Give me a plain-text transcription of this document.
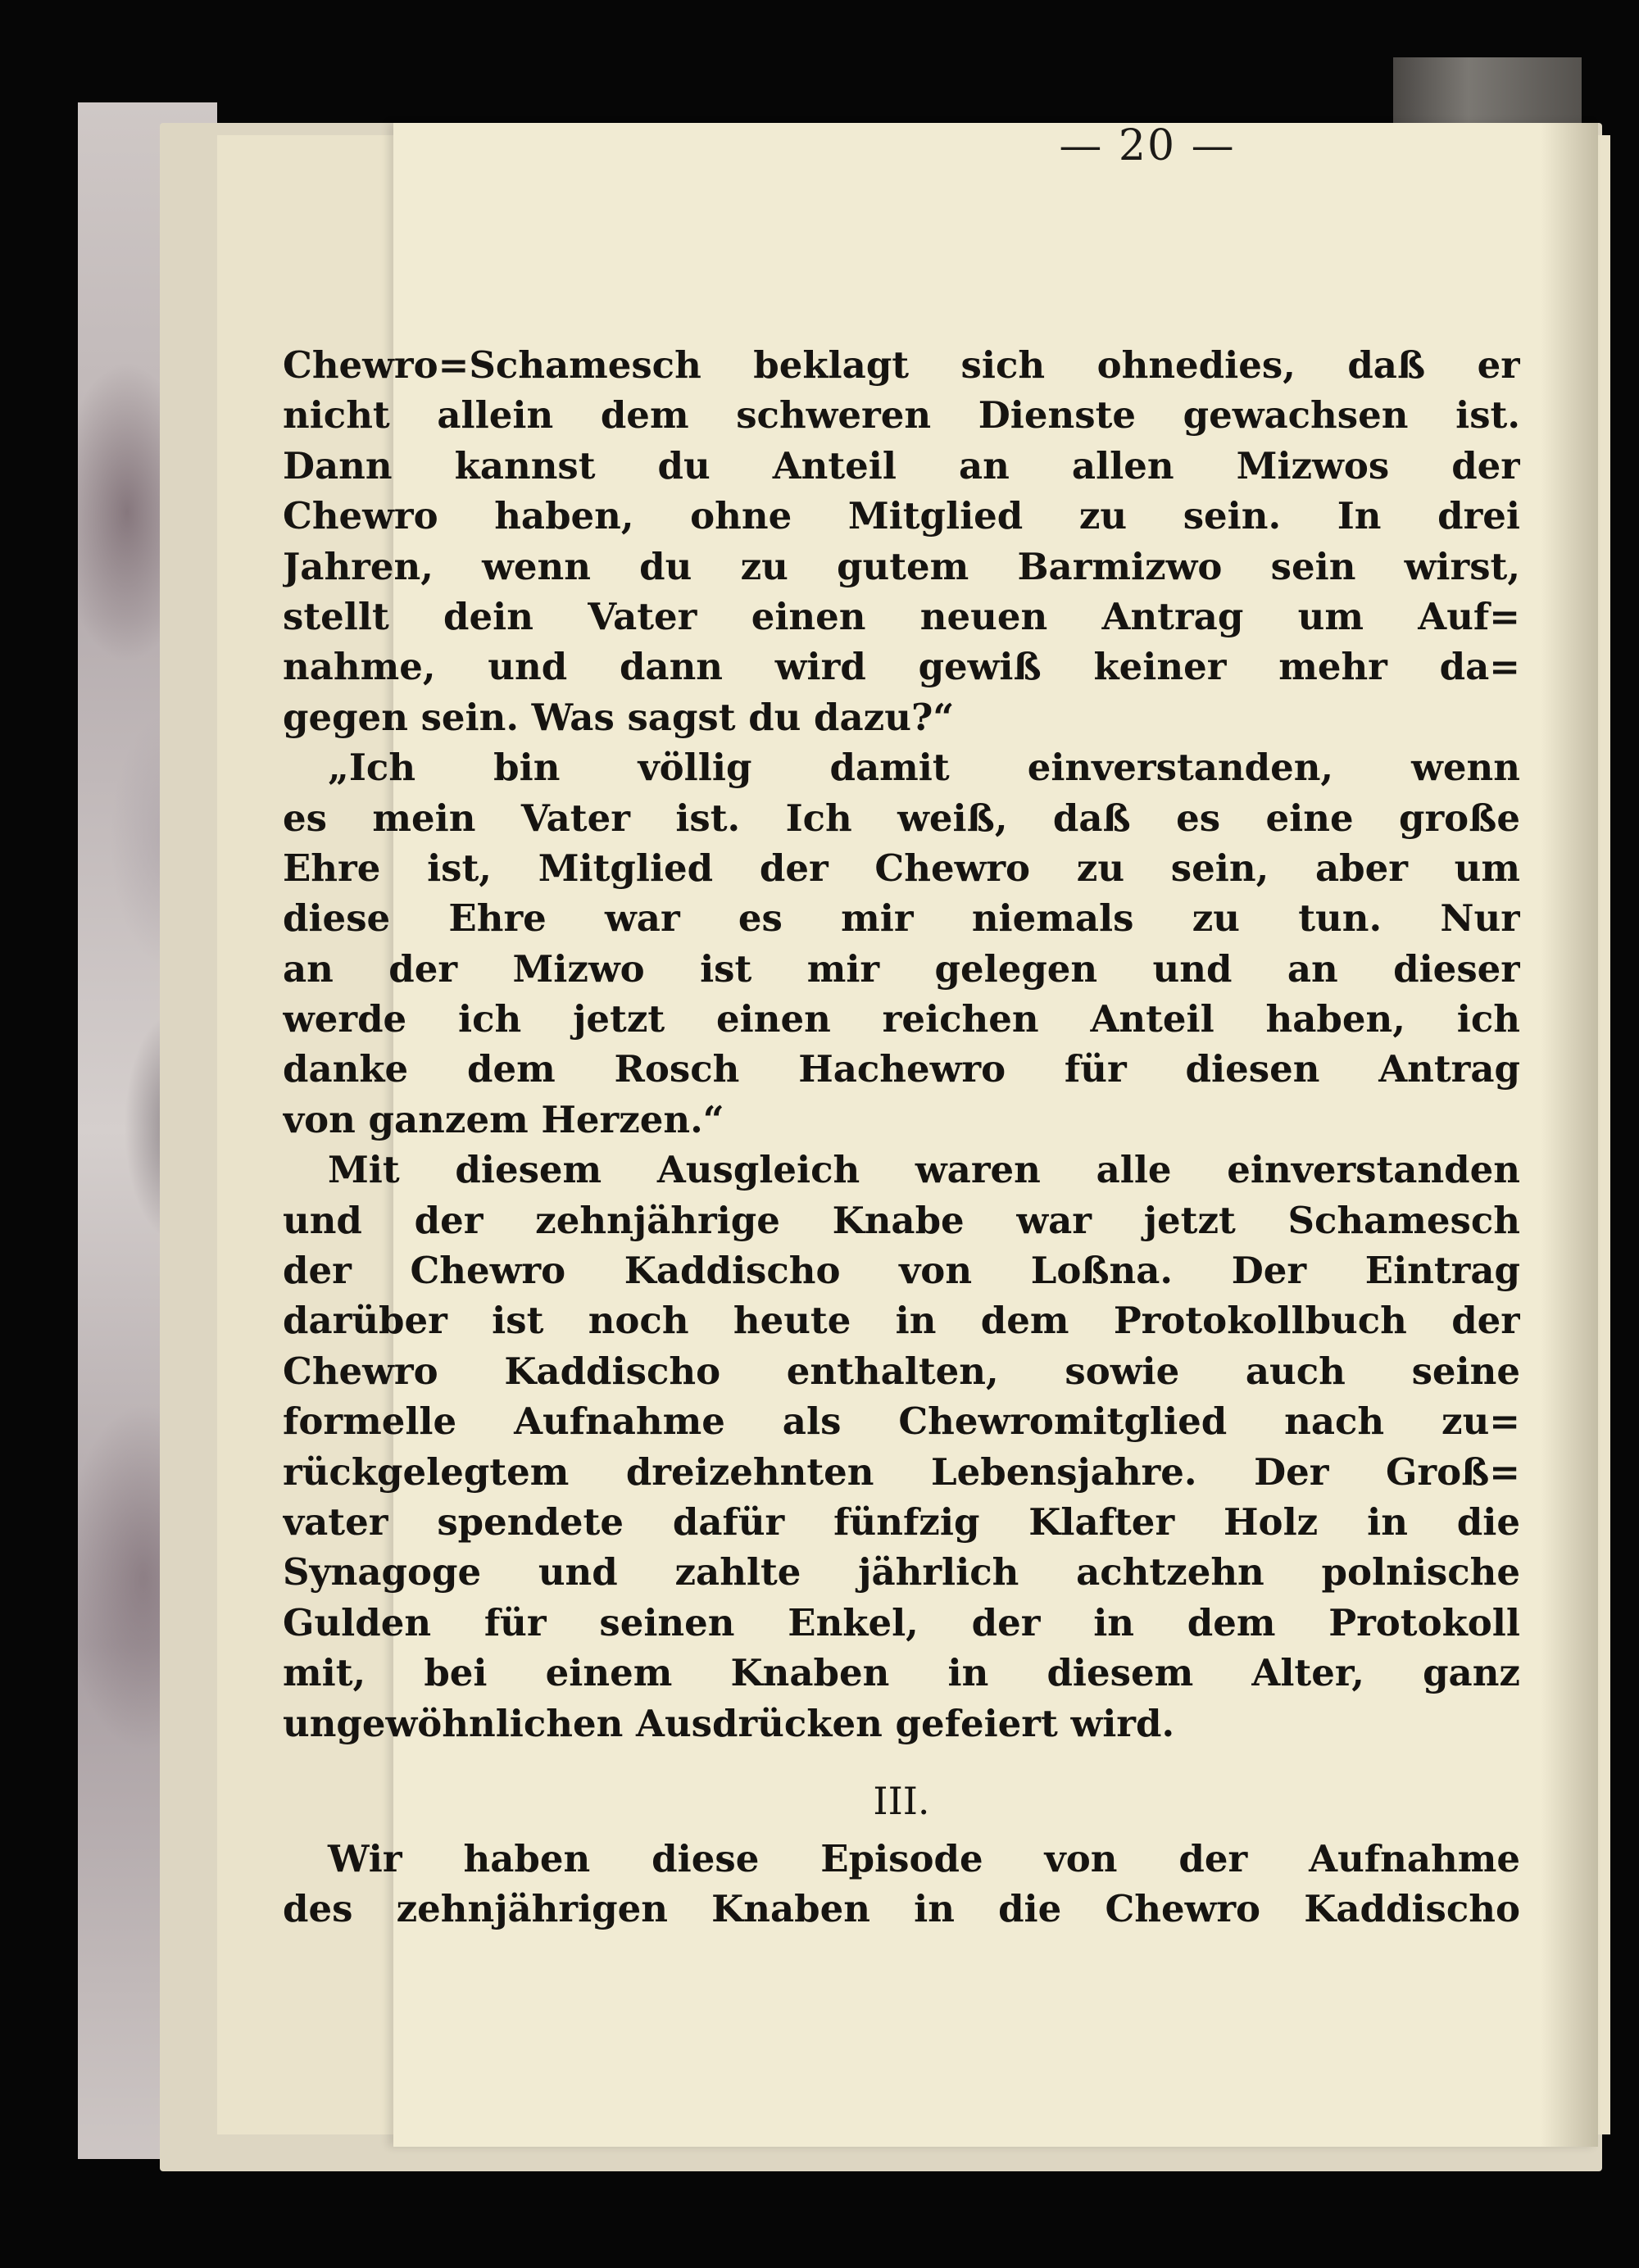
— 20 —
Chewro=Schamesch beklagt sich ohnedies, daß er
nicht allein dem schweren Dienste gewachsen ist.
Dann kannst du Anteil an allen Mizwos der
Chewro haben, ohne Mitglied zu sein. In drei
Jahren, wenn du zu gutem Barmizwo sein wirst,
stellt dein Vater einen neuen Antrag um Auf=
nahme, und dann wird gewiß keiner mehr da=
gegen sein. Was sagst du dazu?“
„Ich bin völlig damit einverstanden, wenn
es mein Vater ist. Ich weiß, daß es eine große
Ehre ist, Mitglied der Chewro zu sein, aber um
diese Ehre war es mir niemals zu tun. Nur
an der Mizwo ist mir gelegen und an dieser
werde ich jetzt einen reichen Anteil haben, ich
danke dem Rosch Hachewro für diesen Antrag
von ganzem Herzen.“
Mit diesem Ausgleich waren alle einverstanden
und der zehnjährige Knabe war jetzt Schamesch
der Chewro Kaddischo von Loßna. Der Eintrag
darüber ist noch heute in dem Protokollbuch der
Chewro Kaddischo enthalten, sowie auch seine
formelle Aufnahme als Chewromitglied nach zu=
rückgelegtem dreizehnten Lebensjahre. Der Groß=
vater spendete dafür fünfzig Klafter Holz in die
Synagoge und zahlte jährlich achtzehn polnische
Gulden für seinen Enkel, der in dem Protokoll
mit, bei einem Knaben in diesem Alter, ganz
ungewöhnlichen Ausdrücken gefeiert wird.
III.
Wir haben diese Episode von der Aufnahme
des zehnjährigen Knaben in die Chewro Kaddischo
